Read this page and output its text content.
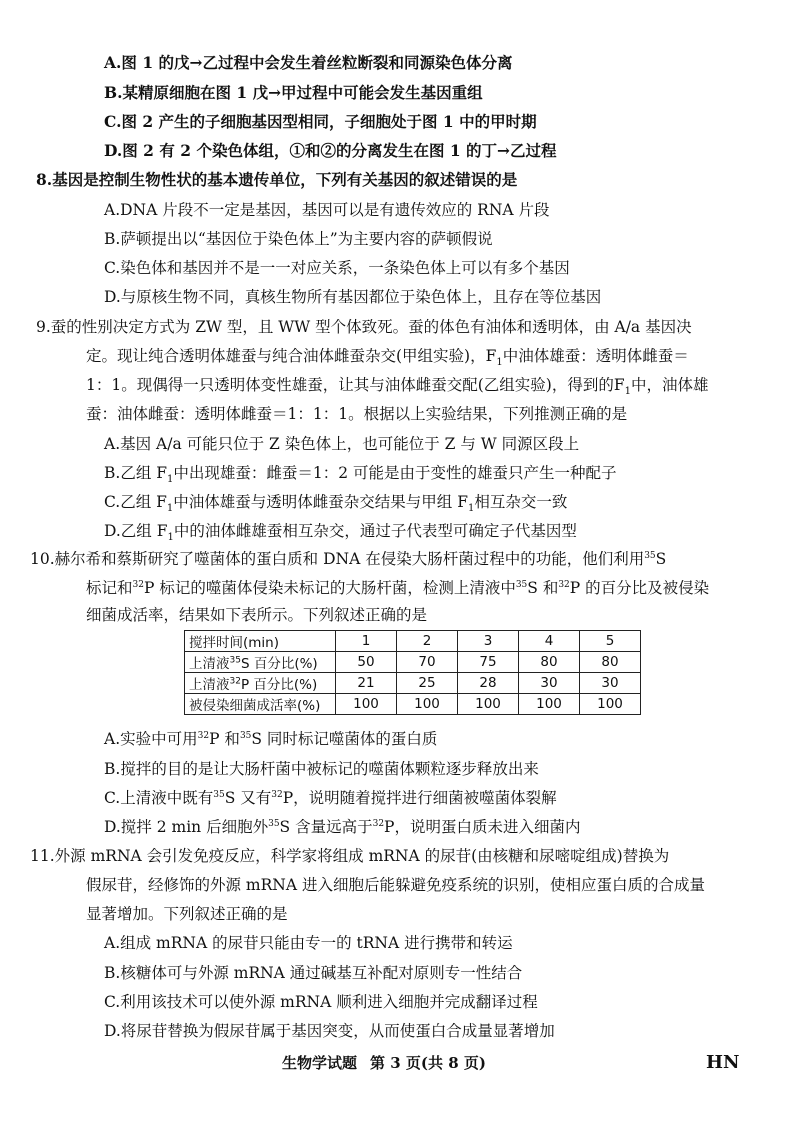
A.图 1 的戊→乙过程中会发生着丝粒断裂和同源染色体分离
B.某精原细胞在图 1 戊→甲过程中可能会发生基因重组
C.图 2 产生的子细胞基因型相同，子细胞处于图 1 中的甲时期
D.图 2 有 2 个染色体组，①和②的分离发生在图 1 的丁→乙过程
8.基因是控制生物性状的基本遗传单位，下列有关基因的叙述错误的是
A.DNA 片段不一定是基因，基因可以是有遗传效应的 RNA 片段
B.萨顿提出以“基因位于染色体上”为主要内容的萨顿假说
C.染色体和基因并不是一一对应关系，一条染色体上可以有多个基因
D.与原核生物不同，真核生物所有基因都位于染色体上，且存在等位基因
9.蚕的性别决定方式为 ZW 型，且 WW 型个体致死。蚕的体色有油体和透明体，由 A/a 基因决
定。现让纯合透明体雄蚕与纯合油体雌蚕杂交(甲组实验)，$F_1$中油体雄蚕：透明体雌蚕＝
1：1。现偶得一只透明体变性雄蚕，让其与油体雌蚕交配(乙组实验)，得到的$F_1$中，油体雄
蚕：油体雌蚕：透明体雌蚕＝1：1：1。根据以上实验结果，下列推测正确的是
A.基因 A/a 可能只位于 Z 染色体上，也可能位于 Z 与 W 同源区段上
B.乙组 $F_1$中出现雄蚕：雌蚕＝1：2 可能是由于变性的雄蚕只产生一种配子
C.乙组 $F_1$中油体雄蚕与透明体雌蚕杂交结果与甲组 $F_1$相互杂交一致
D.乙组 $F_1$中的油体雌雄蚕相互杂交，通过子代表型可确定子代基因型
10.赫尔希和蔡斯研究了噬菌体的蛋白质和 DNA 在侵染大肠杆菌过程中的功能，他们利用$^{35}$S
标记和$^{32}$P 标记的噬菌体侵染未标记的大肠杆菌，检测上清液中$^{35}$S 和$^{32}$P 的百分比及被侵染
细菌成活率，结果如下表所示。下列叙述正确的是
搅拌时间(min)	1	2	3	4	5
上清液$^{35}$S 百分比(%)	50	70	75	80	80
上清液$^{32}$P 百分比(%)	21	25	28	30	30
被侵染细菌成活率(%)	100	100	100	100	100
A.实验中可用$^{32}$P 和$^{35}$S 同时标记噬菌体的蛋白质
B.搅拌的目的是让大肠杆菌中被标记的噬菌体颗粒逐步释放出来
C.上清液中既有$^{35}$S 又有$^{32}$P，说明随着搅拌进行细菌被噬菌体裂解
D.搅拌 2 min 后细胞外$^{35}$S 含量远高于$^{32}$P，说明蛋白质未进入细菌内
11.外源 mRNA 会引发免疫反应，科学家将组成 mRNA 的尿苷(由核糖和尿嘧啶组成)替换为
假尿苷，经修饰的外源 mRNA 进入细胞后能躲避免疫系统的识别，使相应蛋白质的合成量
显著增加。下列叙述正确的是
A.组成 mRNA 的尿苷只能由专一的 tRNA 进行携带和转运
B.核糖体可与外源 mRNA 通过碱基互补配对原则专一性结合
C.利用该技术可以使外源 mRNA 顺利进入细胞并完成翻译过程
D.将尿苷替换为假尿苷属于基因突变，从而使蛋白合成量显著增加
生物学试题 第 3 页(共 8 页)	HN
